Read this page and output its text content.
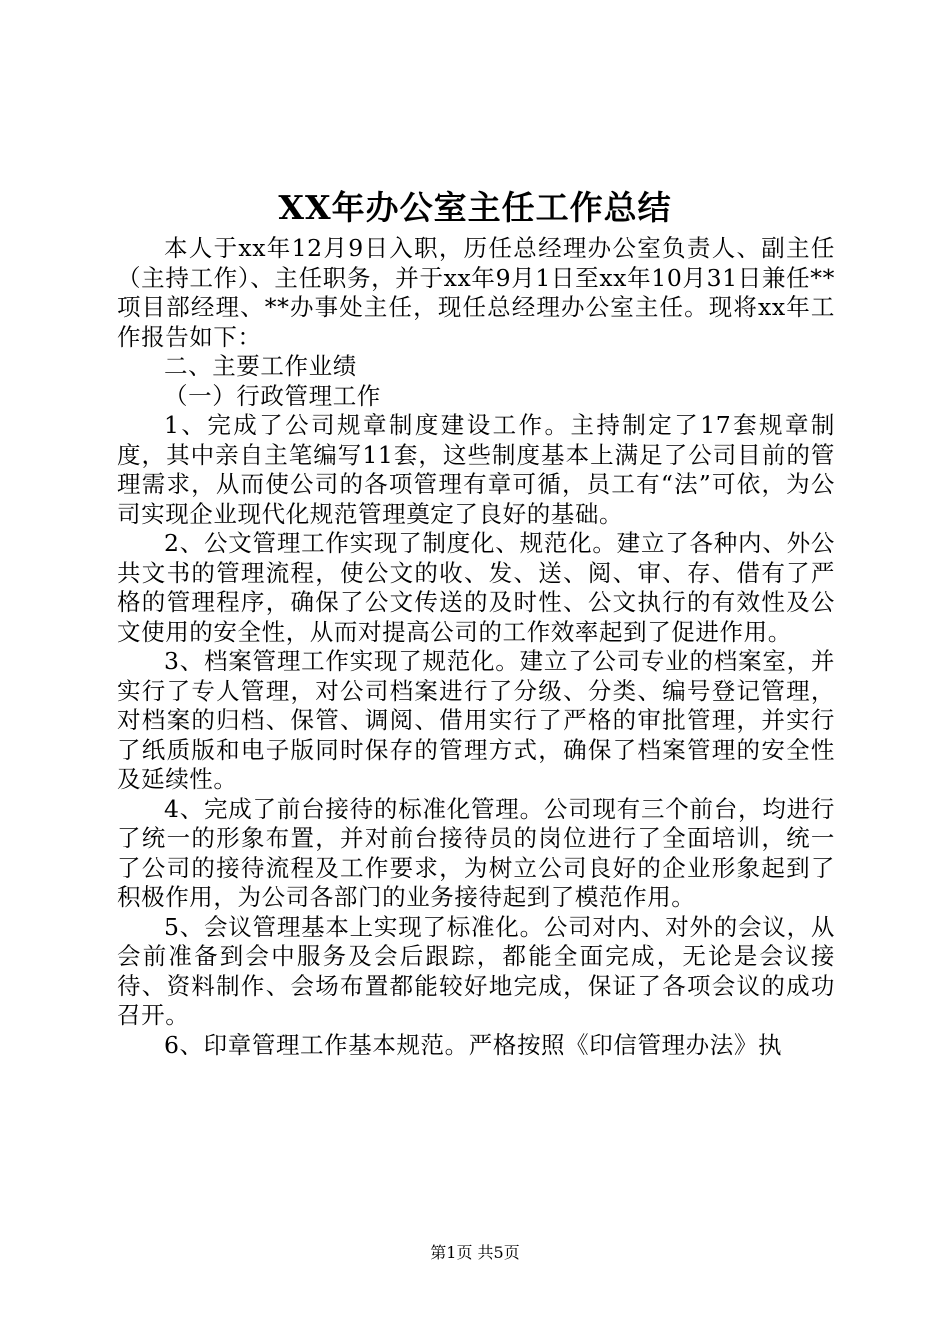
XX年办公室主任工作总结

本人于xx年12月9日入职，历任总经理办公室负责人、副主任（主持工作）、主任职务，并于xx年9月1日至xx年10月31日兼任**项目部经理、**办事处主任，现任总经理办公室主任。现将xx年工作报告如下：

二、主要工作业绩

（一）行政管理工作

1、完成了公司规章制度建设工作。主持制定了17套规章制度，其中亲自主笔编写11套，这些制度基本上满足了公司目前的管理需求，从而使公司的各项管理有章可循，员工有“法”可依，为公司实现企业现代化规范管理奠定了良好的基础。

2、公文管理工作实现了制度化、规范化。建立了各种内、外公共文书的管理流程，使公文的收、发、送、阅、审、存、借有了严格的管理程序，确保了公文传送的及时性、公文执行的有效性及公文使用的安全性，从而对提高公司的工作效率起到了促进作用。

3、档案管理工作实现了规范化。建立了公司专业的档案室，并实行了专人管理，对公司档案进行了分级、分类、编号登记管理，对档案的归档、保管、调阅、借用实行了严格的审批管理，并实行了纸质版和电子版同时保存的管理方式，确保了档案管理的安全性及延续性。

4、完成了前台接待的标准化管理。公司现有三个前台，均进行了统一的形象布置，并对前台接待员的岗位进行了全面培训，统一了公司的接待流程及工作要求，为树立公司良好的企业形象起到了积极作用，为公司各部门的业务接待起到了模范作用。

5、会议管理基本上实现了标准化。公司对内、对外的会议，从会前准备到会中服务及会后跟踪，都能全面完成，无论是会议接待、资料制作、会场布置都能较好地完成，保证了各项会议的成功召开。

6、印章管理工作基本规范。严格按照《印信管理办法》执

第1页 共5页
